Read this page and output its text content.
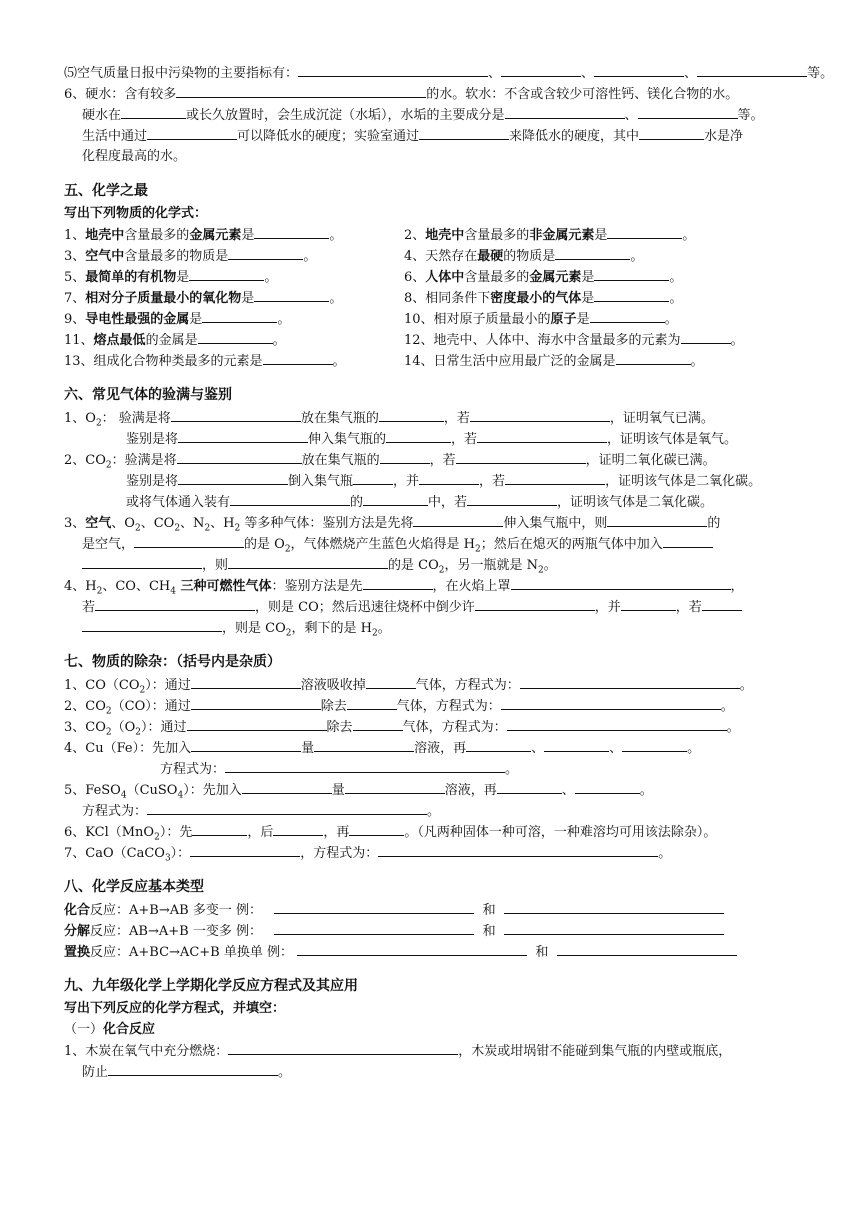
⑸空气质量日报中污染物的主要指标有：	、	、	、	等。
6、硬水：含有较多	的水。软水：不含或含较少可溶性钙、镁化合物的水。
硬水在	或长久放置时，会生成沉淀（水垢），水垢的主要成分是	、	等。
生活中通过	可以降低水的硬度；实验室通过	来降低水的硬度，其中	水是净
化程度最高的水。
五、化学之最
写出下列物质的化学式：
1、地壳中含量最多的金属元素是	。	2、地壳中含量最多的非金属元素是	。
3、空气中含量最多的物质是	。	4、天然存在最硬的物质是	。
5、最简单的有机物是	。	6、人体中含量最多的金属元素是	。
7、相对分子质量最小的氧化物是	。	8、相同条件下密度最小的气体是	。
9、导电性最强的金属是	。	10、相对原子质量最小的原子是	。
11、熔点最低的金属是	。	12、地壳中、人体中、海水中含量最多的元素为	。
13、组成化合物种类最多的元素是	。	14、日常生活中应用最广泛的金属是	。
六、常见气体的验满与鉴别
1、$O_2$： 验满是将	放在集气瓶的	，若	，证明氧气已满。
鉴别是将	伸入集气瓶的	，若	，证明该气体是氧气。
2、$CO_2$：验满是将	放在集气瓶的	，若	，证明二氧化碳已满。
鉴别是将	倒入集气瓶	，并	，若	，证明该气体是二氧化碳。
或将气体通入装有	的	中，若	，证明该气体是二氧化碳。
3、空气、$O_2$、$CO_2$、$N_2$、$H_2$ 等多种气体：鉴别方法是先将	伸入集气瓶中，则	的
是空气，	的是 $O_2$，气体燃烧产生蓝色火焰得是 $H_2$；然后在熄灭的两瓶气体中加入
，则	的是 $CO_2$，另一瓶就是 $N_2$。
4、$H_2$、CO、$CH_4$ 三种可燃性气体：鉴别方法是先	，在火焰上罩	，
若	，则是 CO；然后迅速往烧杯中倒少许	，并	，若
，则是 $CO_2$，剩下的是 $H_2$。
七、物质的除杂：（括号内是杂质）
1、$CO(CO_2)$：通过	溶液吸收掉	气体，方程式为：	。
2、$CO_2(CO)$：通过	除去	气体，方程式为：	。
3、$CO_2(O_2)$：通过	除去	气体，方程式为：	。
4、Cu（Fe）：先加入	量	溶液，再	、	、	。
方程式为：	。
5、FeSO$_4$（CuSO$_4$）：先加入	量	溶液，再	、	。
方程式为：	。
6、KCl（MnO$_2$）：先	，后	，再	。（凡两种固体一种可溶，一种难溶均可用该法除杂）。
7、CaO（CaCO$_3$）：	，方程式为：	。
八、化学反应基本类型
化合反应：A+B→AB 多变一 例：	和
分解反应：AB→A+B 一变多 例：	和
置换反应：A+BC→AC+B 单换单 例：	和
九、九年级化学上学期化学反应方程式及其应用
写出下列反应的化学方程式，并填空：
（一）化合反应
1、木炭在氧气中充分燃烧：	，木炭或坩埚钳不能碰到集气瓶的内壁或瓶底，
防止	。
